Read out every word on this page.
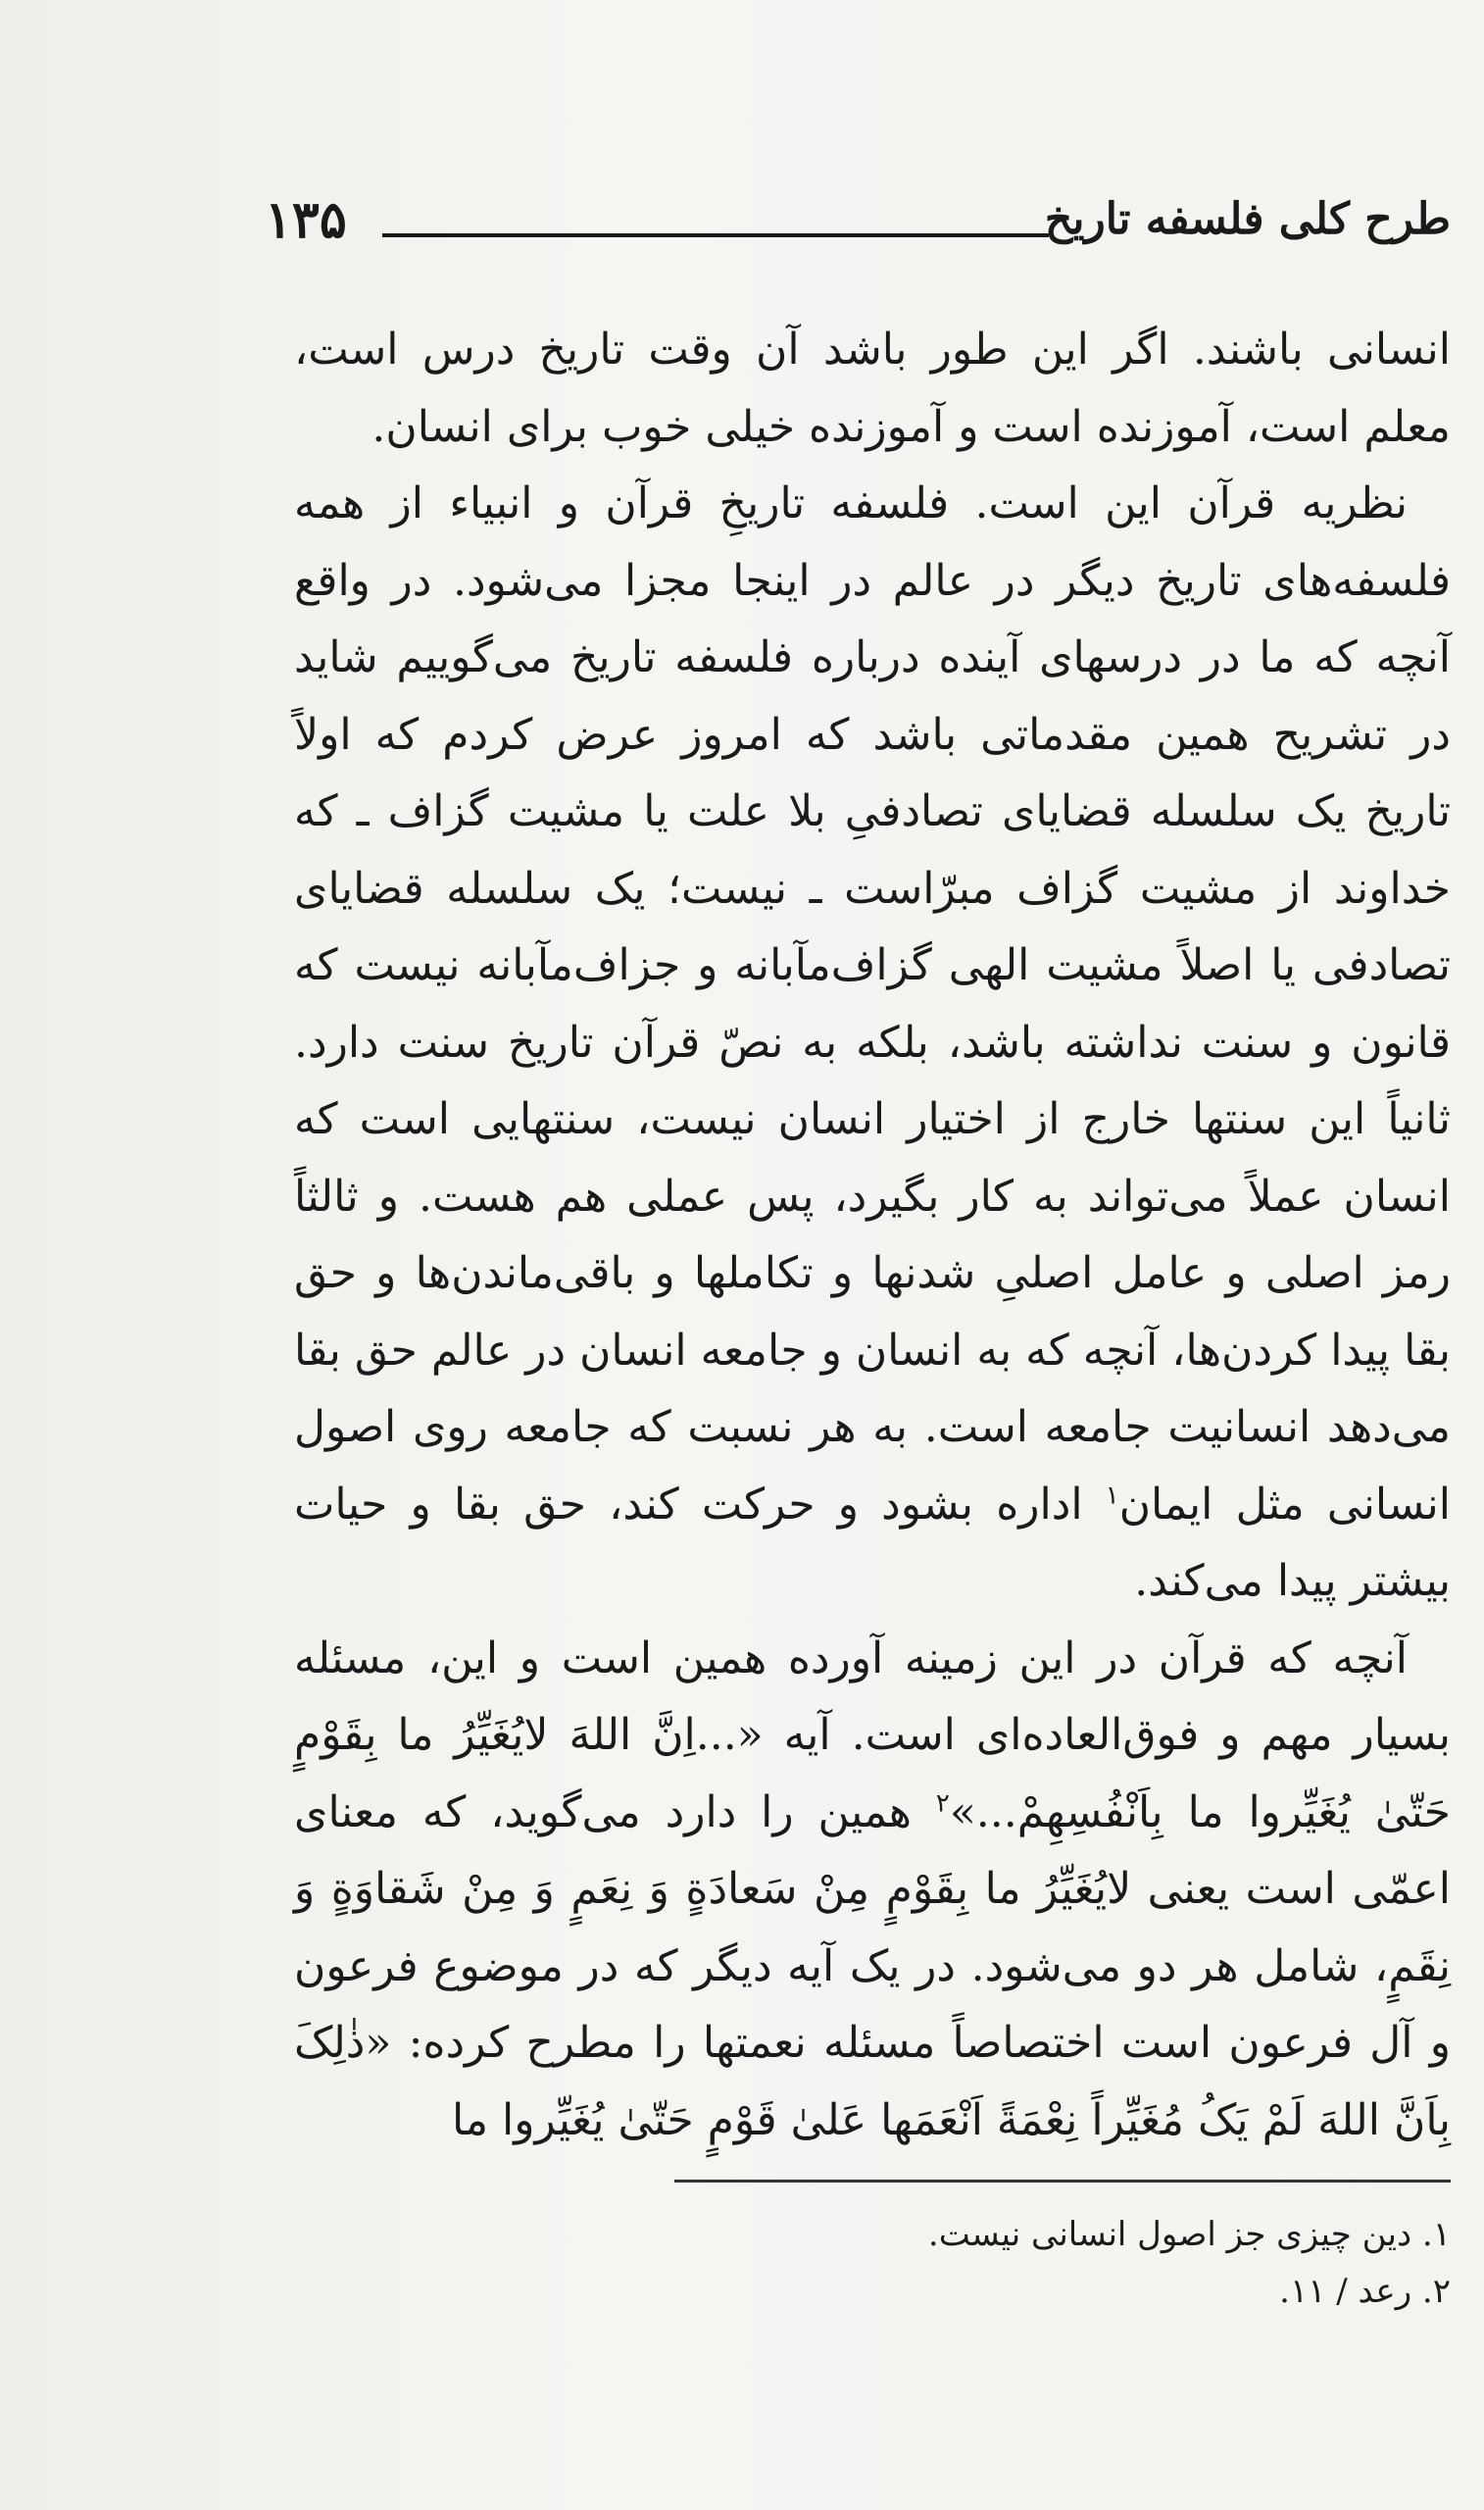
طرح کلی فلسفه تاریخ
۱۳۵

انسانی باشند. اگر این طور باشد آن وقت تاریخ درس است، معلم است، آموزنده است و آموزنده خیلی خوب برای انسان.

نظریه قرآن این است. فلسفه تاریخِ قرآن و انبیاء از همه فلسفه‌های تاریخ دیگر در عالم در اینجا مجزا می‌شود. در واقع آنچه که ما در درسهای آینده درباره فلسفه تاریخ می‌گوییم شاید در تشریح همین مقدماتی باشد که امروز عرض کردم که اولاً تاریخ یک سلسله قضایای تصادفیِ بلا علت یا مشیت گزاف ـ که خداوند از مشیت گزاف مبرّاست ـ نیست؛ یک سلسله قضایای تصادفی یا اصلاً مشیت الهی گزاف‌مآبانه و جزاف‌مآبانه نیست که قانون و سنت نداشته باشد، بلکه به نصّ قرآن تاریخ سنت دارد. ثانیاً این سنتها خارج از اختیار انسان نیست، سنتهایی است که انسان عملاً می‌تواند به کار بگیرد، پس عملی هم هست. و ثالثاً رمز اصلی و عامل اصلیِ شدنها و تکاملها و باقی‌ماندن‌ها و حق بقا پیدا کردن‌ها، آنچه که به انسان و جامعه انسان در عالم حق بقا می‌دهد انسانیت جامعه است. به هر نسبت که جامعه روی اصول انسانی مثل ایمان$^۱$ اداره بشود و حرکت کند، حق بقا و حیات بیشتر پیدا می‌کند.

آنچه که قرآن در این زمینه آورده همین است و این، مسئله بسیار مهم و فوق‌العاده‌ای است. آیه «...اِنَّ اللهَ لایُغَیِّرُ ما بِقَوْمٍ حَتّیٰ یُغَیِّروا ما بِاَنْفُسِهِمْ...»$^۲$ همین را دارد می‌گوید، که معنای اعمّی است یعنی لایُغَیِّرُ ما بِقَوْمٍ مِنْ سَعادَةٍ وَ نِعَمٍ وَ مِنْ شَقاوَةٍ وَ نِقَمٍ، شامل هر دو می‌شود. در یک آیه دیگر که در موضوع فرعون و آل فرعون است اختصاصاً مسئله نعمتها را مطرح کرده: «ذٰلِکَ بِاَنَّ اللهَ لَمْ یَکُ مُغَیِّراً نِعْمَةً اَنْعَمَها عَلیٰ قَوْمٍ حَتّیٰ یُغَیِّروا ما

۱. دین چیزی جز اصول انسانی نیست.

۲. رعد / ۱۱.
